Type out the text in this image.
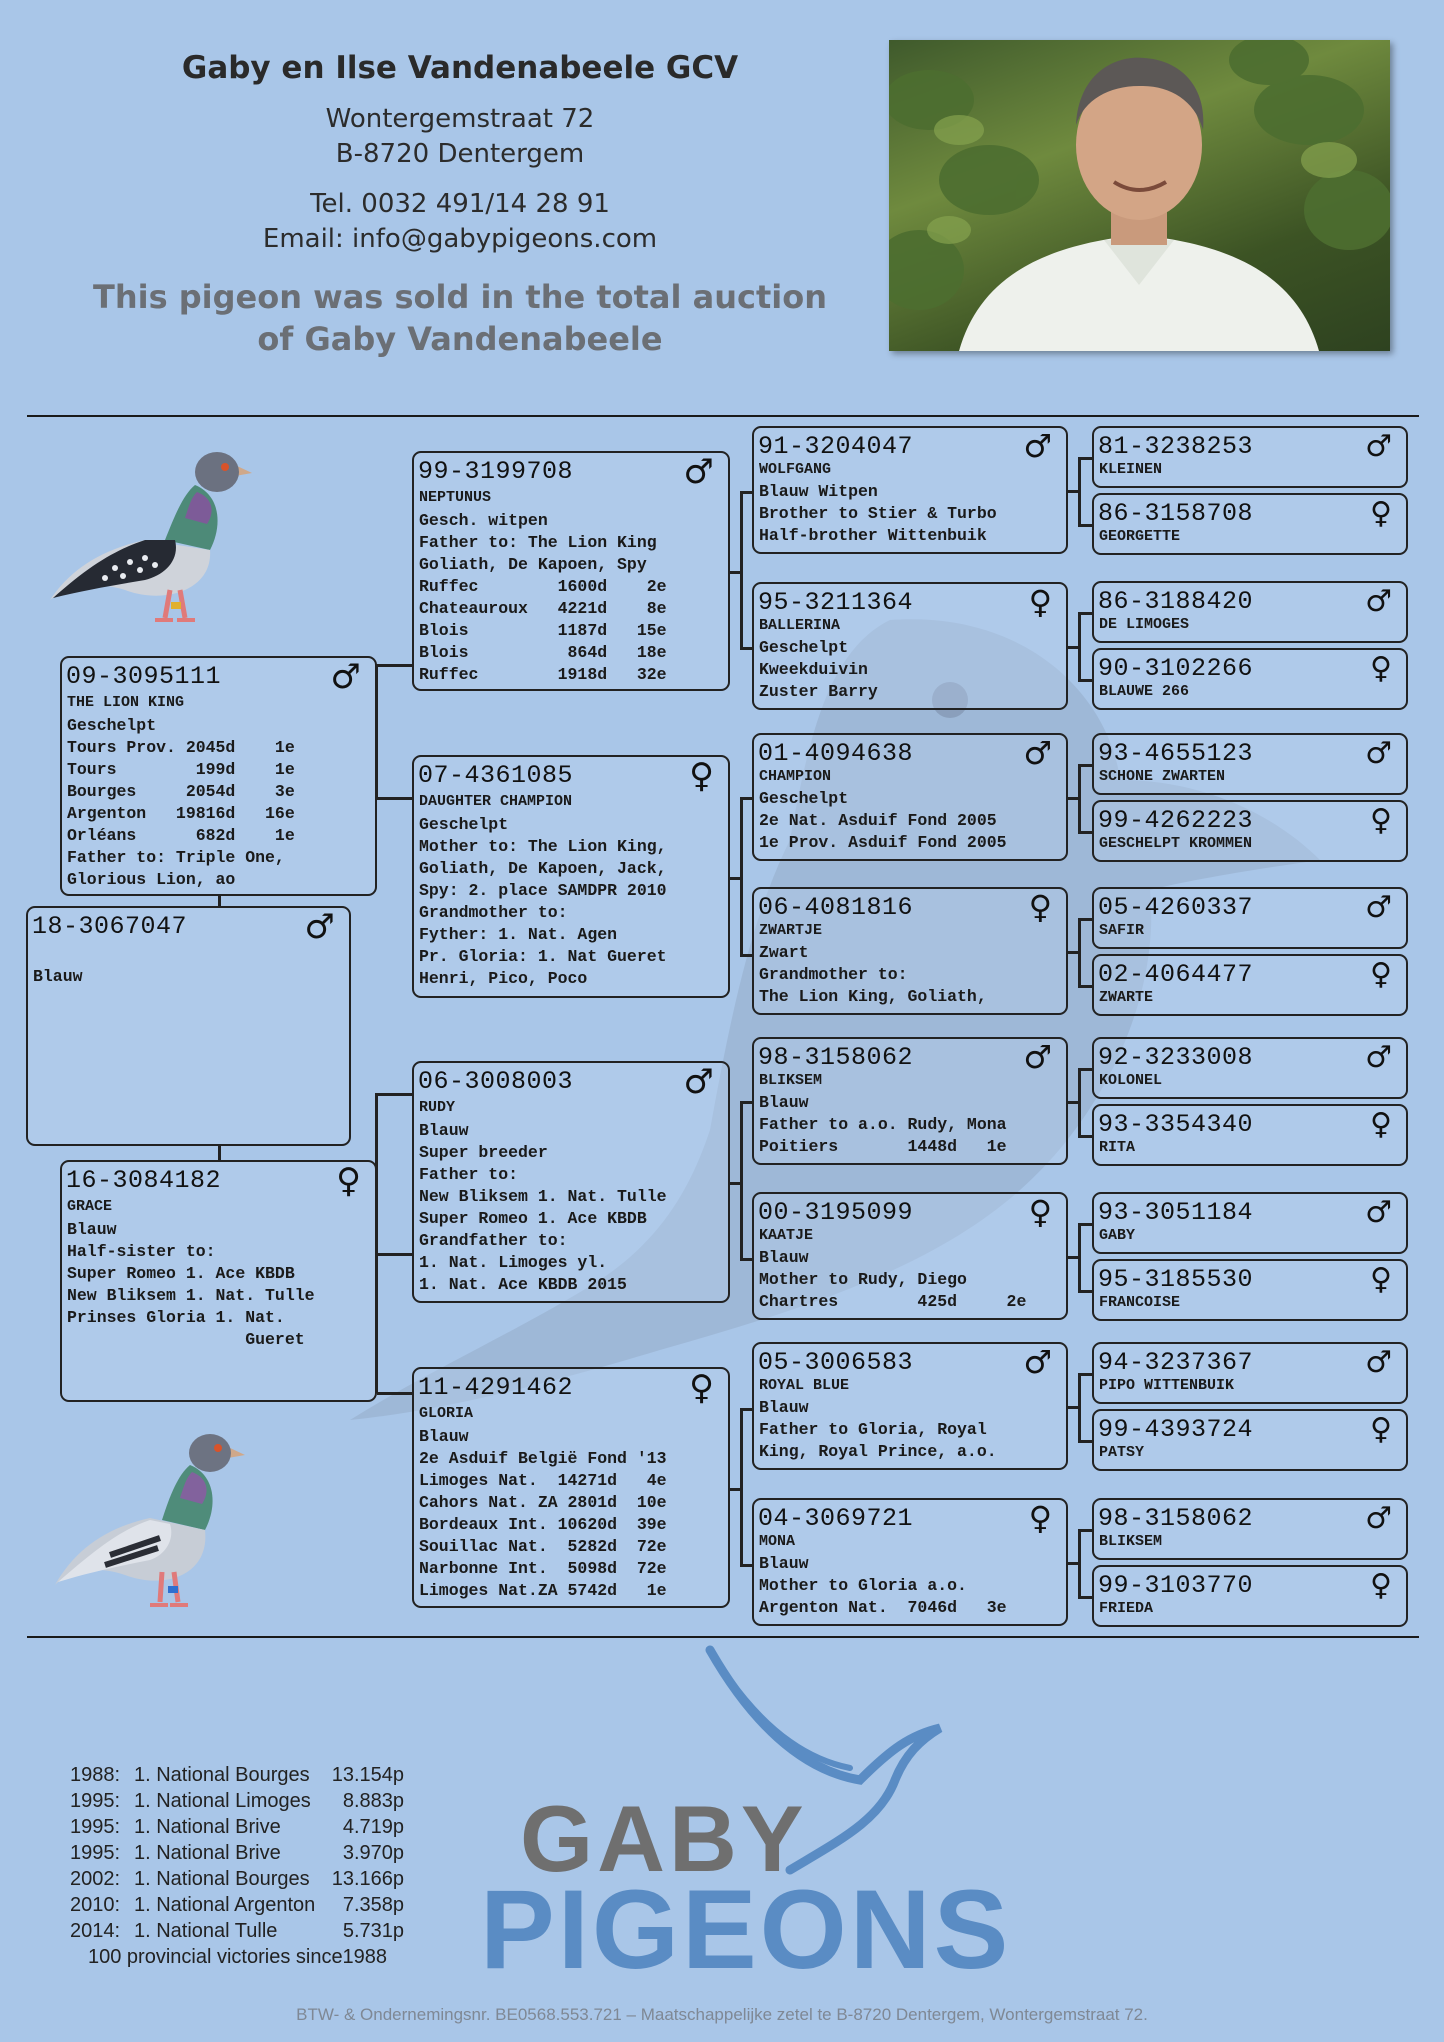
Gaby en Ilse Vandenabeele GCV
Wontergemstraat 72
B-8720 Dentergem
Tel. 0032 491/14 28 91
Email: info@gabypigeons.com
This pigeon was sold in the total auction
of Gaby Vandenabeele
09-3095111	♂
THE LION KING
Geschelpt
Tours Prov. 2045d    1e
Tours        199d    1e
Bourges     2054d    3e
Argenton   19816d   16e
Orléans      682d    1e
Father to: Triple One,
Glorious Lion, ao
18-3067047	♂

Blauw
16-3084182	♀
GRACE
Blauw
Half-sister to:
Super Romeo 1. Ace KBDB
New Bliksem 1. Nat. Tulle
Prinses Gloria 1. Nat.
Gueret
99-3199708	♂
NEPTUNUS
Gesch. witpen
Father to: The Lion King
Goliath, De Kapoen, Spy
Ruffec        1600d    2e
Chateauroux   4221d    8e
Blois         1187d   15e
Blois          864d   18e
Ruffec        1918d   32e
07-4361085	♀
DAUGHTER CHAMPION
Geschelpt
Mother to: The Lion King,
Goliath, De Kapoen, Jack,
Spy: 2. place SAMDPR 2010
Grandmother to:
Fyther: 1. Nat. Agen
Pr. Gloria: 1. Nat Gueret
Henri, Pico, Poco
06-3008003	♂
RUDY
Blauw
Super breeder
Father to:
New Bliksem 1. Nat. Tulle
Super Romeo 1. Ace KBDB
Grandfather to:
1. Nat. Limoges yl.
1. Nat. Ace KBDB 2015
11-4291462	♀
GLORIA
Blauw
2e Asduif België Fond '13
Limoges Nat.  14271d   4e
Cahors Nat. ZA 2801d  10e
Bordeaux Int. 10620d  39e
Souillac Nat.  5282d  72e
Narbonne Int.  5098d  72e
Limoges Nat.ZA 5742d   1e
91-3204047	♂
WOLFGANG
Blauw Witpen
Brother to Stier & Turbo
Half-brother Wittenbuik
95-3211364	♀
BALLERINA
Geschelpt
Kweekduivin
Zuster Barry
01-4094638	♂
CHAMPION
Geschelpt
2e Nat. Asduif Fond 2005
1e Prov. Asduif Fond 2005
06-4081816	♀
ZWARTJE
Zwart
Grandmother to:
The Lion King, Goliath,
98-3158062	♂
BLIKSEM
Blauw
Father to a.o. Rudy, Mona
Poitiers       1448d   1e
00-3195099	♀
KAATJE
Blauw
Mother to Rudy, Diego
Chartres        425d     2e
05-3006583	♂
ROYAL BLUE
Blauw
Father to Gloria, Royal
King, Royal Prince, a.o.
04-3069721	♀
MONA
Blauw
Mother to Gloria a.o.
Argenton Nat.  7046d   3e
81-3238253	♂
KLEINEN
86-3158708	♀
GEORGETTE
86-3188420	♂
DE LIMOGES
90-3102266	♀
BLAUWE 266
93-4655123	♂
SCHONE ZWARTEN
99-4262223	♀
GESCHELPT KROMMEN
05-4260337	♂
SAFIR
02-4064477	♀
ZWARTE
92-3233008	♂
KOLONEL
93-3354340	♀
RITA
93-3051184	♂
GABY
95-3185530	♀
FRANCOISE
94-3237367	♂
PIPO WITTENBUIK
99-4393724	♀
PATSY
98-3158062	♂
BLIKSEM
99-3103770	♀
FRIEDA
1988: 1. National Bourges 13.154p
1995: 1. National Limoges 8.883p
1995: 1. National Brive	4.719p
1995: 1. National Brive	3.970p
2002: 1. National Bourges 13.166p
2010: 1. National Argenton 7.358p
2014: 1. National Tulle	5.731p
100 provincial victories since1988
GABY
PIGEONS
BTW- & Ondernemingsnr. BE0568.553.721 – Maatschappelijke zetel te B-8720 Dentergem, Wontergemstraat 72.
